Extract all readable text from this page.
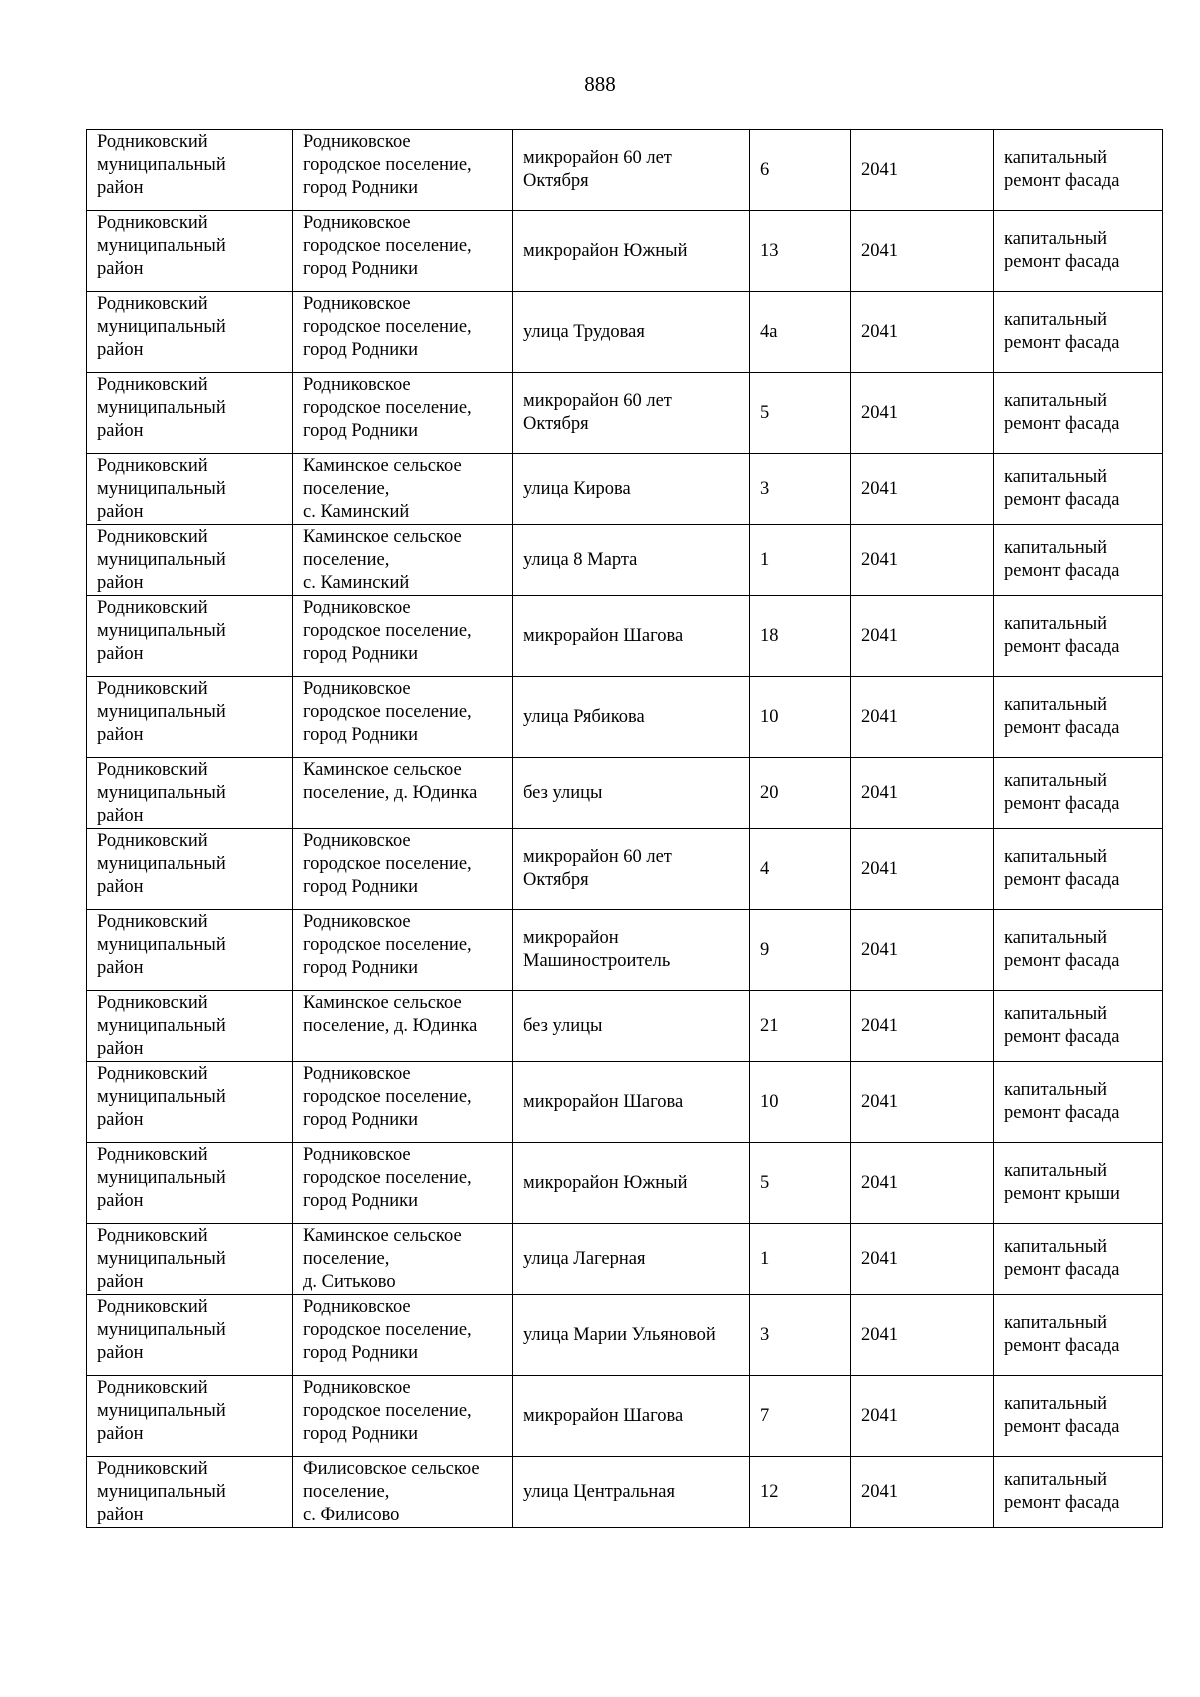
888
Родниковский
муниципальный
район	Родниковское
городское поселение,
город Родники	микрорайон 60 лет
Октября	6	2041	капитальный
ремонт фасада

Родниковский
муниципальный
район	Родниковское
городское поселение,
город Родники	микрорайон Южный	13	2041	капитальный
ремонт фасада

Родниковский
муниципальный
район	Родниковское
городское поселение,
город Родники	улица Трудовая	4а	2041	капитальный
ремонт фасада

Родниковский
муниципальный
район	Родниковское
городское поселение,
город Родники	микрорайон 60 лет
Октября	5	2041	капитальный
ремонт фасада

Родниковский
муниципальный
район	Каминское сельское
поселение,
с. Каминский	улица Кирова	3	2041	капитальный
ремонт фасада

Родниковский
муниципальный
район	Каминское сельское
поселение,
с. Каминский	улица 8 Марта	1	2041	капитальный
ремонт фасада

Родниковский
муниципальный
район	Родниковское
городское поселение,
город Родники	микрорайон Шагова	18	2041	капитальный
ремонт фасада

Родниковский
муниципальный
район	Родниковское
городское поселение,
город Родники	улица Рябикова	10	2041	капитальный
ремонт фасада

Родниковский
муниципальный
район	Каминское сельское
поселение, д. Юдинка	без улицы	20	2041	капитальный
ремонт фасада

Родниковский
муниципальный
район	Родниковское
городское поселение,
город Родники	микрорайон 60 лет
Октября	4	2041	капитальный
ремонт фасада

Родниковский
муниципальный
район	Родниковское
городское поселение,
город Родники	микрорайон
Машиностроитель	9	2041	капитальный
ремонт фасада

Родниковский
муниципальный
район	Каминское сельское
поселение, д. Юдинка	без улицы	21	2041	капитальный
ремонт фасада

Родниковский
муниципальный
район	Родниковское
городское поселение,
город Родники	микрорайон Шагова	10	2041	капитальный
ремонт фасада

Родниковский
муниципальный
район	Родниковское
городское поселение,
город Родники	микрорайон Южный	5	2041	капитальный
ремонт крыши

Родниковский
муниципальный
район	Каминское сельское
поселение,
д. Ситьково	улица Лагерная	1	2041	капитальный
ремонт фасада

Родниковский
муниципальный
район	Родниковское
городское поселение,
город Родники	улица Марии Ульяновой	3	2041	капитальный
ремонт фасада

Родниковский
муниципальный
район	Родниковское
городское поселение,
город Родники	микрорайон Шагова	7	2041	капитальный
ремонт фасада

Родниковский
муниципальный
район	Филисовское сельское
поселение,
с. Филисово	улица Центральная	12	2041	капитальный
ремонт фасада
